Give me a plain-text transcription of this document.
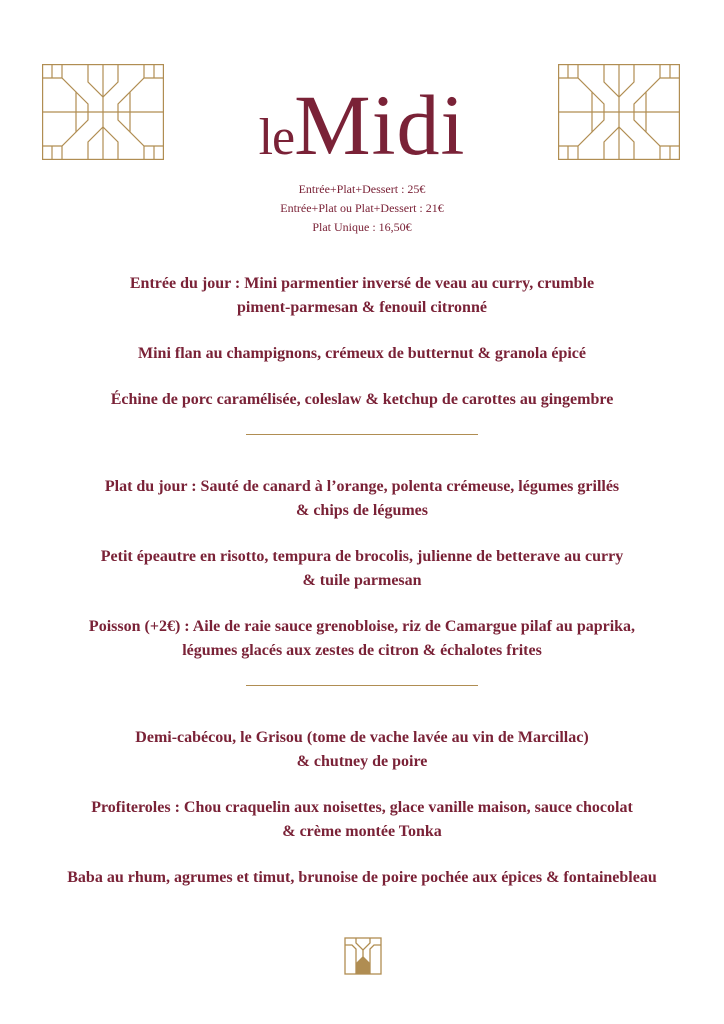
leMidi
Entrée+Plat+Dessert : 25€
Entrée+Plat ou Plat+Dessert : 21€
Plat Unique : 16,50€
Entrée du jour : Mini parmentier inversé de veau au curry, crumble
piment-parmesan & fenouil citronné
Mini flan au champignons, crémeux de butternut & granola épicé
Échine de porc caramélisée, coleslaw & ketchup de carottes au gingembre
Plat du jour : Sauté de canard à l’orange, polenta crémeuse, légumes grillés
& chips de légumes
Petit épeautre en risotto, tempura de brocolis, julienne de betterave au curry
& tuile parmesan
Poisson (+2€) : Aile de raie sauce grenobloise, riz de Camargue pilaf au paprika,
légumes glacés aux zestes de citron & échalotes frites
Demi-cabécou, le Grisou (tome de vache lavée au vin de Marcillac)
& chutney de poire
Profiteroles : Chou craquelin aux noisettes, glace vanille maison, sauce chocolat
& crème montée Tonka
Baba au rhum, agrumes et timut, brunoise de poire pochée aux épices & fontainebleau
